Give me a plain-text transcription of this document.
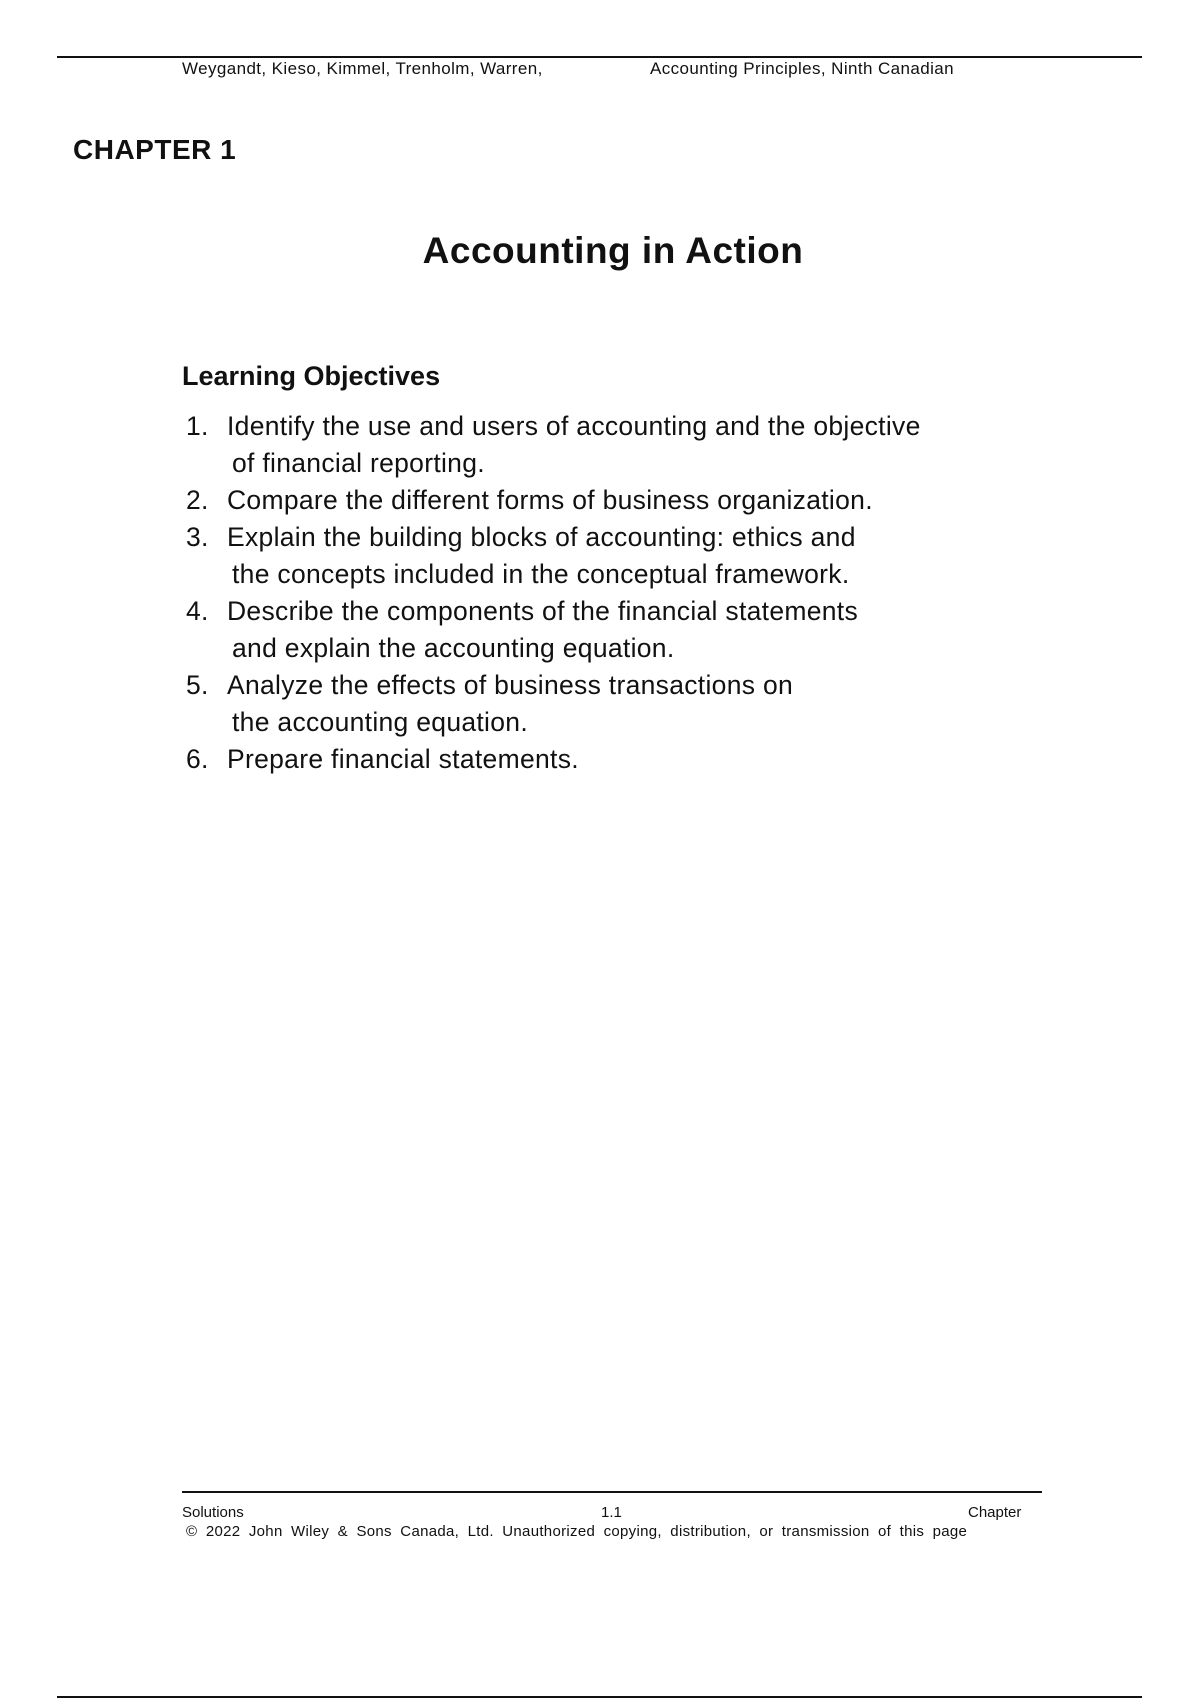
Weygandt, Kieso, Kimmel, Trenholm, Warren,	Accounting Principles, Ninth Canadian
CHAPTER 1
Accounting in Action
Learning Objectives
1. Identify the use and users of accounting and the objective
of financial reporting.
2. Compare the different forms of business organization.
3. Explain the building blocks of accounting: ethics and
the concepts included in the conceptual framework.
4. Describe the components of the financial statements
and explain the accounting equation.
5. Analyze the effects of business transactions on
the accounting equation.
6. Prepare financial statements.
Solutions	1.1	Chapter
© 2022 John Wiley & Sons Canada, Ltd. Unauthorized copying, distribution, or transmission of this page
